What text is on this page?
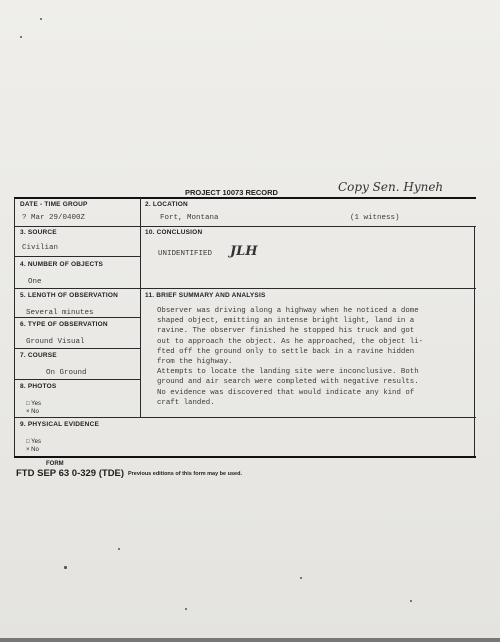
PROJECT 10073 RECORD	Copy Sen. Hyneh
DATE - TIME GROUP
? Mar 29/0400Z
2. LOCATION
Fort, Montana	(1 witness)
3. SOURCE
Civilian
10. CONCLUSION
UNIDENTIFIED JLH
4. NUMBER OF OBJECTS
One
5. LENGTH OF OBSERVATION
Several minutes
6. TYPE OF OBSERVATION
Ground Visual
7. COURSE
On Ground
8. PHOTOS
□ Yes
× No
9. PHYSICAL EVIDENCE
□ Yes
× No
11. BRIEF SUMMARY AND ANALYSIS
Observer was driving along a highway when he noticed a dome
shaped object, emitting an intense bright light, land in a
ravine. The observer finished he stopped his truck and got
out to approach the object. As he approached, the object li-
fted off the ground only to settle back in a ravine hidden
from the highway.
Attempts to locate the landing site were inconclusive. Both
ground and air search were completed with negative results.
No evidence was discovered that would indicate any kind of
craft landed.
FORM
FTD SEP 63 0-329 (TDE) Previous editions of this form may be used.
